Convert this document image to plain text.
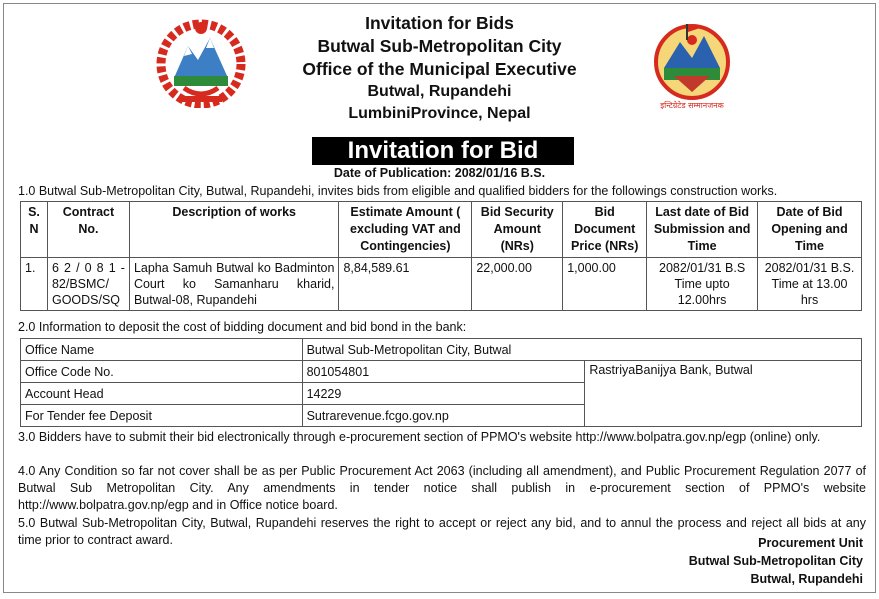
इन्टिग्रेटेड सम्मानजनक
Invitation for Bids
Butwal Sub-Metropolitan City
Office of the Municipal Executive
Butwal, Rupandehi
LumbiniProvince, Nepal
Invitation for Bid
Date of Publication: 2082/01/16 B.S.
1.0 Butwal Sub-Metropolitan City, Butwal, Rupandehi, invites bids from eligible and qualified bidders for the followings construction works.
S. N	Contract No.	Description of works	Estimate Amount ( excluding VAT and Contingencies)	Bid Security Amount (NRs)	Bid Document Price (NRs)	Last date of Bid Submission and Time	Date of Bid Opening and Time
1.	6 2 / 0 8 1 - 82/BSMC/ GOODS/SQ	Lapha Samuh Butwal ko Badminton Court ko Samanharu kharid, Butwal-08, Rupandehi	8,84,589.61	22,000.00	1,000.00	2082/01/31 B.S Time upto 12.00hrs	2082/01/31 B.S. Time at 13.00 hrs
2.0 Information to deposit the cost of bidding document and bid bond in the bank:
Office Name	Butwal Sub-Metropolitan City, Butwal	
Office Code No.	801054801	RastriyaBanijya Bank, Butwal
Account Head	14229	
For Tender fee Deposit	Sutrarevenue.fcgo.gov.np	
3.0 Bidders have to submit their bid electronically through e-procurement section of PPMO's website http://www.bolpatra.gov.np/egp (online) only.
4.0 Any Condition so far not cover shall be as per Public Procurement Act 2063 (including all amendment), and Public Procurement Regulation 2077 of Butwal Sub Metropolitan City. Any amendments in tender notice shall publish in e-procurement section of PPMO's website http://www.bolpatra.gov.np/egp and in Office notice board.
5.0 Butwal Sub-Metropolitan City, Butwal, Rupandehi reserves the right to accept or reject any bid, and to annul the process and reject all bids at any time prior to contract award.	Procurement Unit
Butwal Sub-Metropolitan City
Butwal, Rupandehi
